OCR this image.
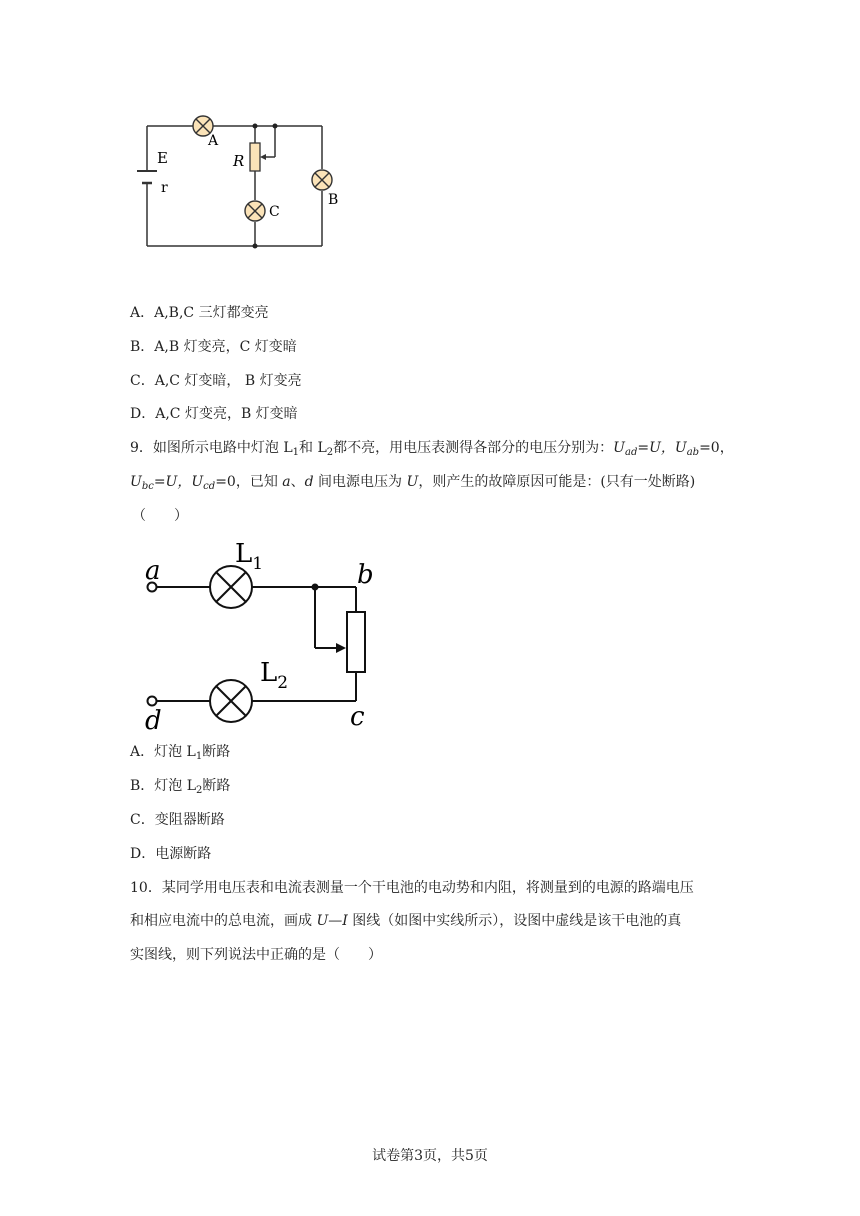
E
r
A
R
C
B
A．A,B,C 三灯都变亮
B．A,B 灯变亮，C 灯变暗
C．A,C 灯变暗， B 灯变亮
D．A,C 灯变亮，B 灯变暗
9．如图所示电路中灯泡 $L_1$和 $L_2$都不亮，用电压表测得各部分的电压分别为：$U_{ad}=U$，$U_{ab}=0$，
$U_{bc}=U$，$U_{cd}=0$，已知 a、d 间电源电压为 U，则产生的故障原因可能是：(只有一处断路)
（　　）
a	b
c
d
$L_1$
$L_2$
A．灯泡 $L_1$断路
B．灯泡 $L_2$断路
C．变阻器断路
D．电源断路
10．某同学用电压表和电流表测量一个干电池的电动势和内阻，将测量到的电源的路端电压
和相应电流中的总电流，画成 U—I 图线（如图中实线所示），设图中虚线是该干电池的真
实图线，则下列说法中正确的是（　　）
试卷第3页，共5页
